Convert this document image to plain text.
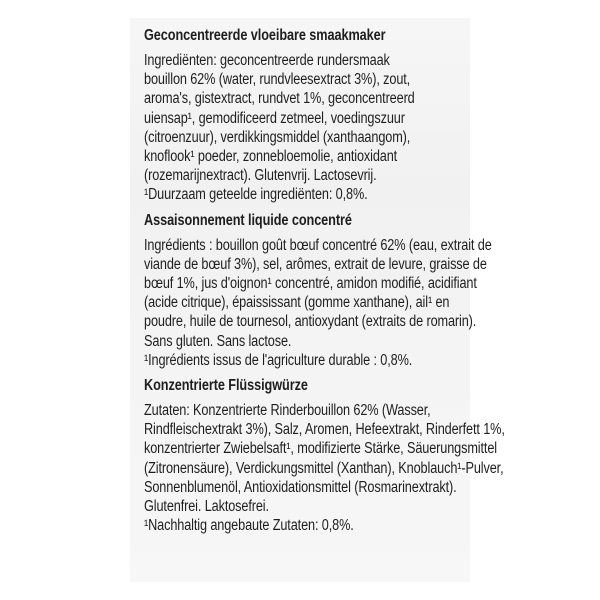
Geconcentreerde vloeibare smaakmaker
Ingrediënten: geconcentreerde rundersmaak
bouillon 62% (water, rundvleesextract 3%), zout,
aroma's, gistextract, rundvet 1%, geconcentreerd
uiensap¹, gemodificeerd zetmeel, voedingszuur
(citroenzuur), verdikkingsmiddel (xanthaangom),
knoflook¹ poeder, zonnebloemolie, antioxidant
(rozemarijnextract). Glutenvrij. Lactosevrij.
¹Duurzaam geteelde ingrediënten: 0,8%.
Assaisonnement liquide concentré
Ingrédients : bouillon goût bœuf concentré 62% (eau, extrait de
viande de bœuf 3%), sel, arômes, extrait de levure, graisse de
bœuf 1%, jus d'oignon¹ concentré, amidon modifié, acidifiant
(acide citrique), épaississant (gomme xanthane), ail¹ en
poudre, huile de tournesol, antioxydant (extraits de romarin).
Sans gluten. Sans lactose.
¹Ingrédients issus de l'agriculture durable : 0,8%.
Konzentrierte Flüssigwürze
Zutaten: Konzentrierte Rinderbouillon 62% (Wasser,
Rindfleischextrakt 3%), Salz, Aromen, Hefeextrakt, Rinderfett 1%,
konzentrierter Zwiebelsaft¹, modifizierte Stärke, Säuerungsmittel
(Zitronensäure), Verdickungsmittel (Xanthan), Knoblauch¹-Pulver,
Sonnenblumenöl, Antioxidationsmittel (Rosmarinextrakt).
Glutenfrei. Laktosefrei.
¹Nachhaltig angebaute Zutaten: 0,8%.
